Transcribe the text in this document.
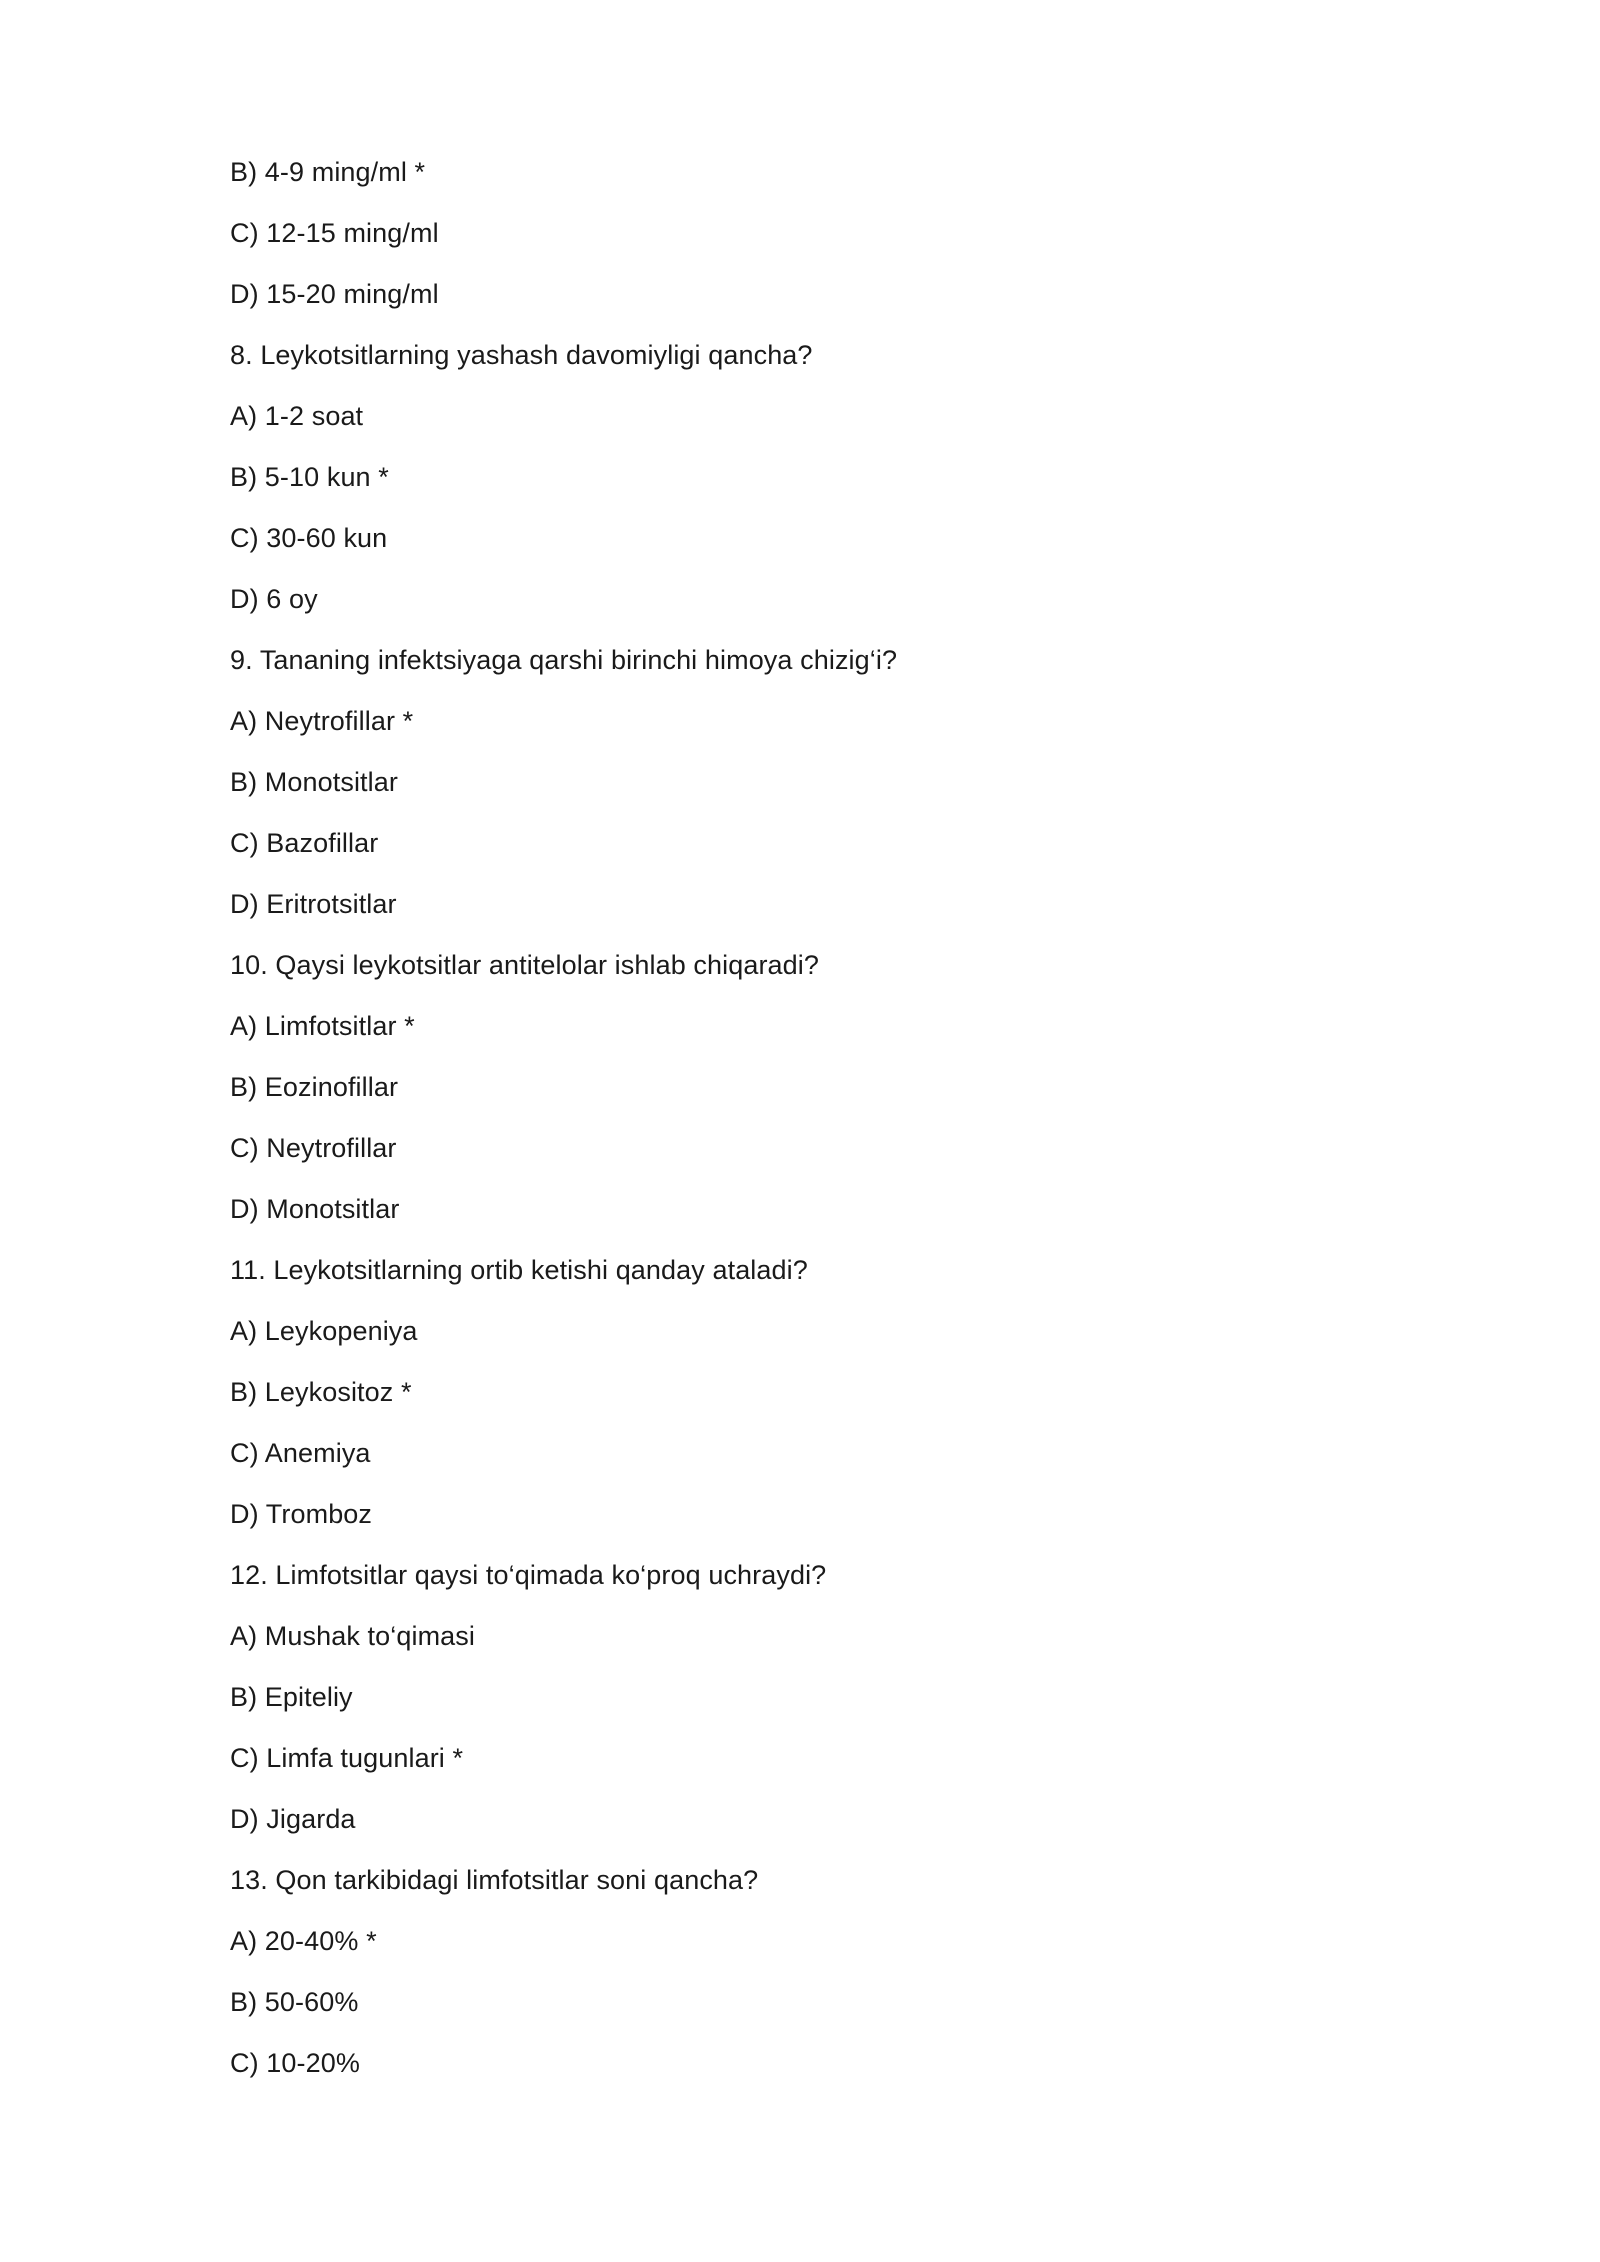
B) 4-9 ming/ml *
C) 12-15 ming/ml
D) 15-20 ming/ml
8. Leykotsitlarning yashash davomiyligi qancha?
A) 1-2 soat
B) 5-10 kun *
C) 30-60 kun
D) 6 oy
9. Tananing infektsiyaga qarshi birinchi himoya chizig‘i?
A) Neytrofillar *
B) Monotsitlar
C) Bazofillar
D) Eritrotsitlar
10. Qaysi leykotsitlar antitelolar ishlab chiqaradi?
A) Limfotsitlar *
B) Eozinofillar
C) Neytrofillar
D) Monotsitlar
11. Leykotsitlarning ortib ketishi qanday ataladi?
A) Leykopeniya
B) Leykositoz *
C) Anemiya
D) Tromboz
12. Limfotsitlar qaysi to‘qimada ko‘proq uchraydi?
A) Mushak to‘qimasi
B) Epiteliy
C) Limfa tugunlari *
D) Jigarda
13. Qon tarkibidagi limfotsitlar soni qancha?
A) 20-40% *
B) 50-60%
C) 10-20%
